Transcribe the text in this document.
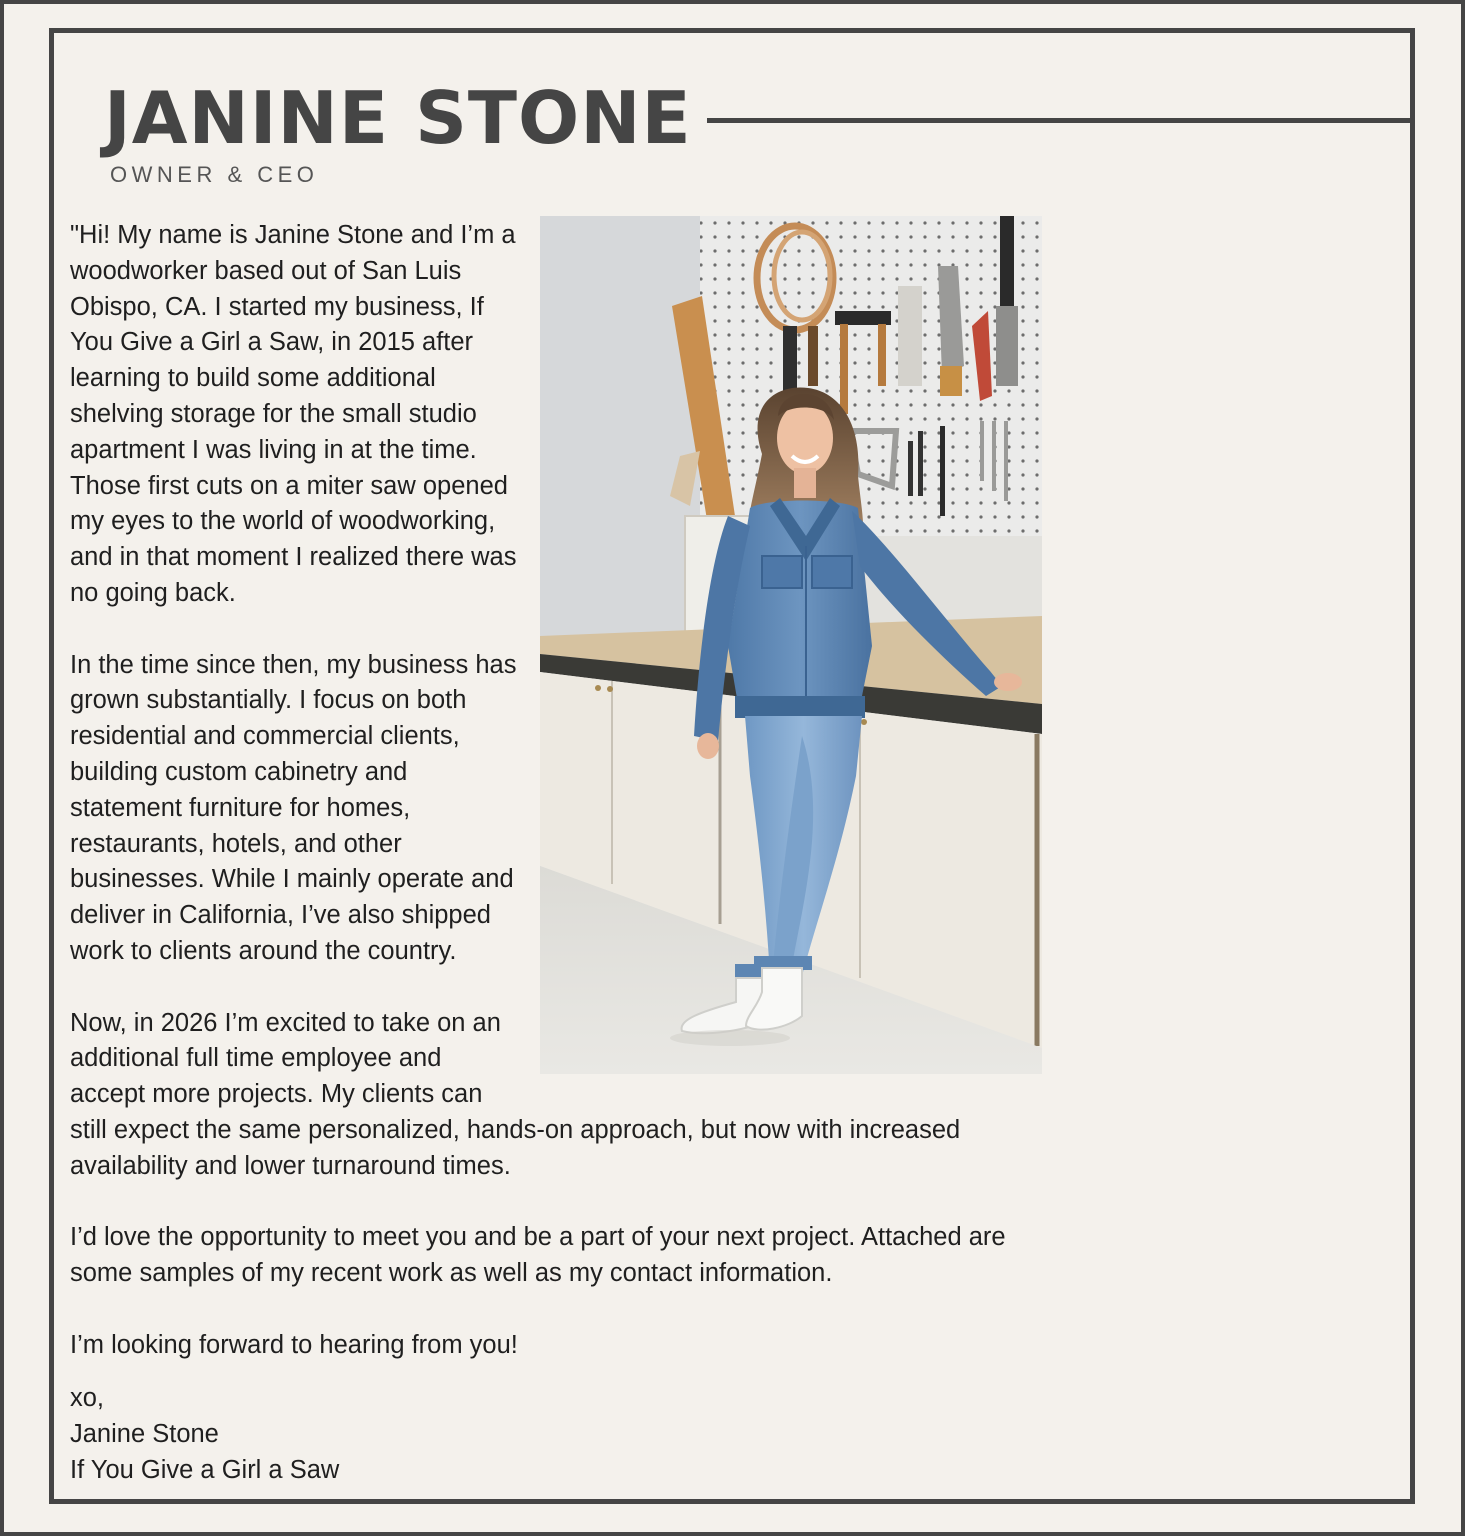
JANINE STONE
OWNER & CEO

"Hi! My name is Janine Stone and I’m a woodworker based out of San Luis Obispo, CA. I started my business, If You Give a Girl a Saw, in 2015 after learning to build some additional shelving storage for the small studio apartment I was living in at the time. Those first cuts on a miter saw opened my eyes to the world of woodworking, and in that moment I realized there was no going back.

In the time since then, my business has grown substantially. I focus on both residential and commercial clients, building custom cabinetry and statement furniture for homes, restaurants, hotels, and other businesses. While I mainly operate and deliver in California, I’ve also shipped work to clients around the country.

Now, in 2026 I’m excited to take on an additional full time employee and accept more projects. My clients can still expect the same personalized, hands-on approach, but now with increased availability and lower turnaround times.

I’d love the opportunity to meet you and be a part of your next project. Attached are some samples of my recent work as well as my contact information.

I’m looking forward to hearing from you!

xo,
Janine Stone
If You Give a Girl a Saw
